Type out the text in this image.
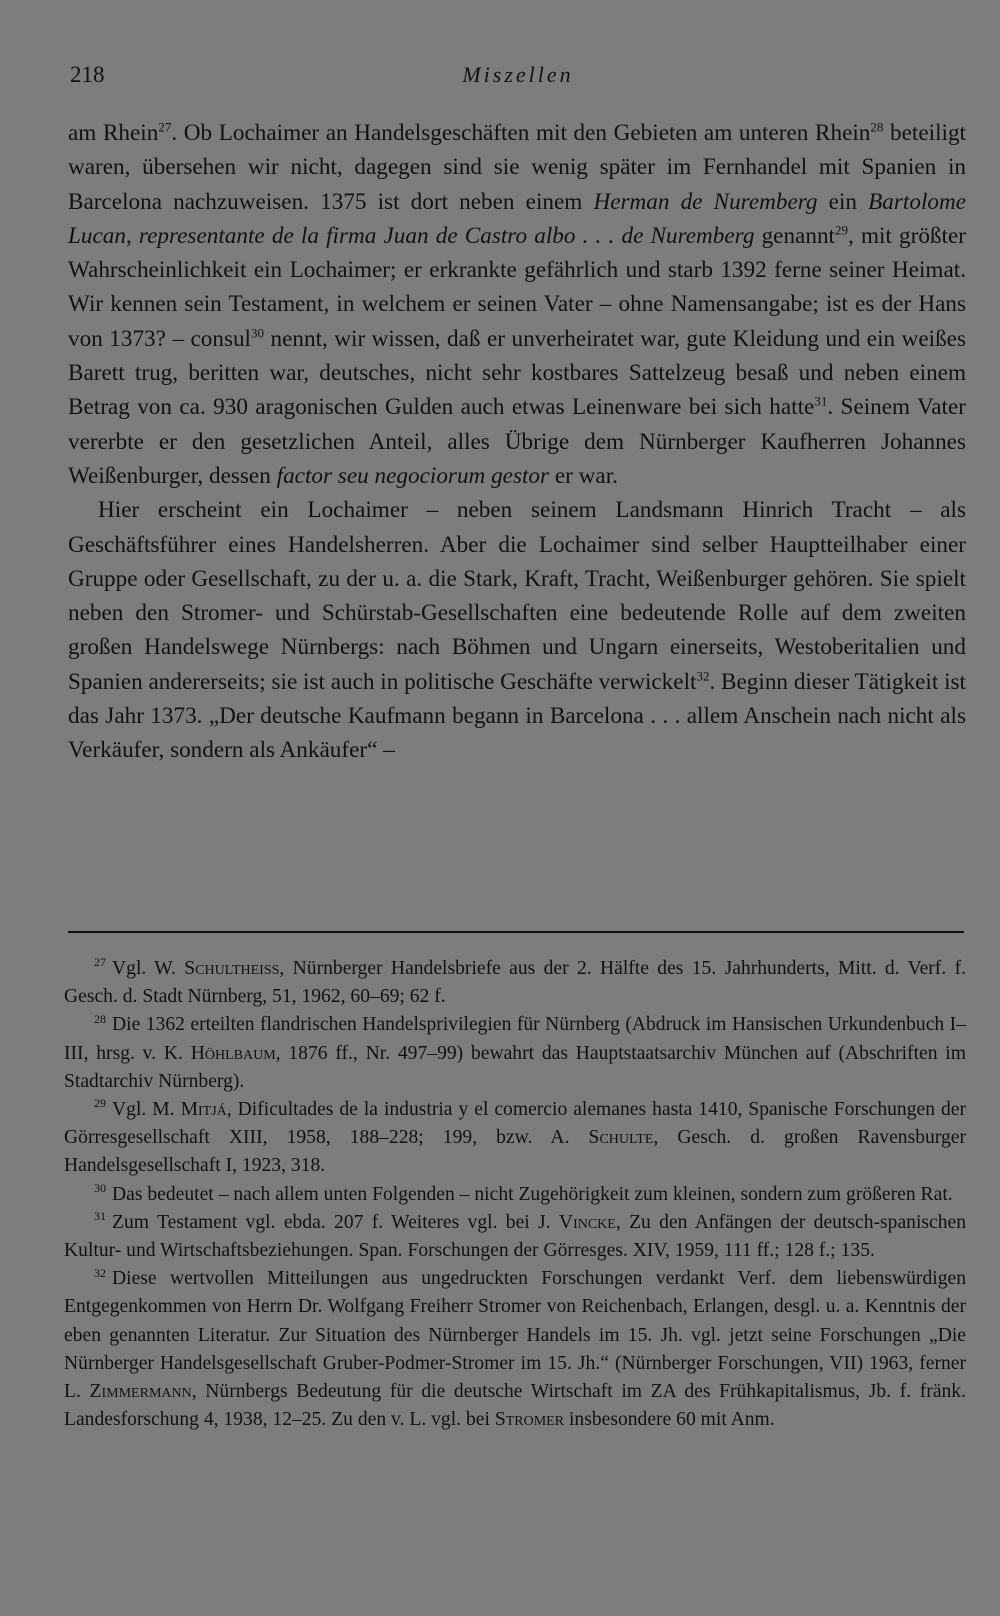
218	Miszellen

am Rhein$^{27}$. Ob Lochaimer an Handelsgeschäften mit den Gebieten am unteren Rhein$^{28}$ beteiligt waren, übersehen wir nicht, dagegen sind sie wenig später im Fernhandel mit Spanien in Barcelona nachzuweisen. 1375 ist dort neben einem Herman de Nuremberg ein Bartolome Lucan, representante de la firma Juan de Castro albo . . . de Nuremberg genannt$^{29}$, mit größter Wahrscheinlichkeit ein Lochaimer; er erkrankte gefährlich und starb 1392 ferne seiner Heimat. Wir kennen sein Testament, in welchem er seinen Vater – ohne Namensangabe; ist es der Hans von 1373? – consul$^{30}$ nennt, wir wissen, daß er unverheiratet war, gute Kleidung und ein weißes Barett trug, beritten war, deutsches, nicht sehr kostbares Sattelzeug besaß und neben einem Betrag von ca. 930 aragonischen Gulden auch etwas Leinenware bei sich hatte$^{31}$. Seinem Vater vererbte er den gesetzlichen Anteil, alles Übrige dem Nürnberger Kaufherren Johannes Weißenburger, dessen factor seu negociorum gestor er war.

Hier erscheint ein Lochaimer – neben seinem Landsmann Hinrich Tracht – als Geschäftsführer eines Handelsherren. Aber die Lochaimer sind selber Hauptteilhaber einer Gruppe oder Gesellschaft, zu der u. a. die Stark, Kraft, Tracht, Weißenburger gehören. Sie spielt neben den Stromer- und Schürstab-Gesellschaften eine bedeutende Rolle auf dem zweiten großen Handelswege Nürnbergs: nach Böhmen und Ungarn einerseits, Westoberitalien und Spanien andererseits; sie ist auch in politische Geschäfte verwickelt$^{32}$. Beginn dieser Tätigkeit ist das Jahr 1373. „Der deutsche Kaufmann begann in Barcelona . . . allem Anschein nach nicht als Verkäufer, sondern als Ankäufer“ –

$^{27}$ Vgl. W. Schultheiss, Nürnberger Handelsbriefe aus der 2. Hälfte des 15. Jahrhunderts, Mitt. d. Verf. f. Gesch. d. Stadt Nürnberg, 51, 1962, 60–69; 62 f.

$^{28}$ Die 1362 erteilten flandrischen Handelsprivilegien für Nürnberg (Abdruck im Hansischen Urkundenbuch I–III, hrsg. v. K. Höhlbaum, 1876 ff., Nr. 497–99) bewahrt das Hauptstaatsarchiv München auf (Abschriften im Stadtarchiv Nürnberg).

$^{29}$ Vgl. M. Mitjá, Dificultades de la industria y el comercio alemanes hasta 1410, Spanische Forschungen der Görresgesellschaft XIII, 1958, 188–228; 199, bzw. A. Schulte, Gesch. d. großen Ravensburger Handelsgesellschaft I, 1923, 318.

$^{30}$ Das bedeutet – nach allem unten Folgenden – nicht Zugehörigkeit zum kleinen, sondern zum größeren Rat.

$^{31}$ Zum Testament vgl. ebda. 207 f. Weiteres vgl. bei J. Vincke, Zu den Anfängen der deutsch-spanischen Kultur- und Wirtschaftsbeziehungen. Span. Forschungen der Görresges. XIV, 1959, 111 ff.; 128 f.; 135.

$^{32}$ Diese wertvollen Mitteilungen aus ungedruckten Forschungen verdankt Verf. dem liebenswürdigen Entgegenkommen von Herrn Dr. Wolfgang Freiherr Stromer von Reichenbach, Erlangen, desgl. u. a. Kenntnis der eben genannten Literatur. Zur Situation des Nürnberger Handels im 15. Jh. vgl. jetzt seine Forschungen „Die Nürnberger Handelsgesellschaft Gruber-Podmer-Stromer im 15. Jh.“ (Nürnberger Forschungen, VII) 1963, ferner L. Zimmermann, Nürnbergs Bedeutung für die deutsche Wirtschaft im ZA des Frühkapitalismus, Jb. f. fränk. Landesforschung 4, 1938, 12–25. Zu den v. L. vgl. bei Stromer insbesondere 60 mit Anm.
